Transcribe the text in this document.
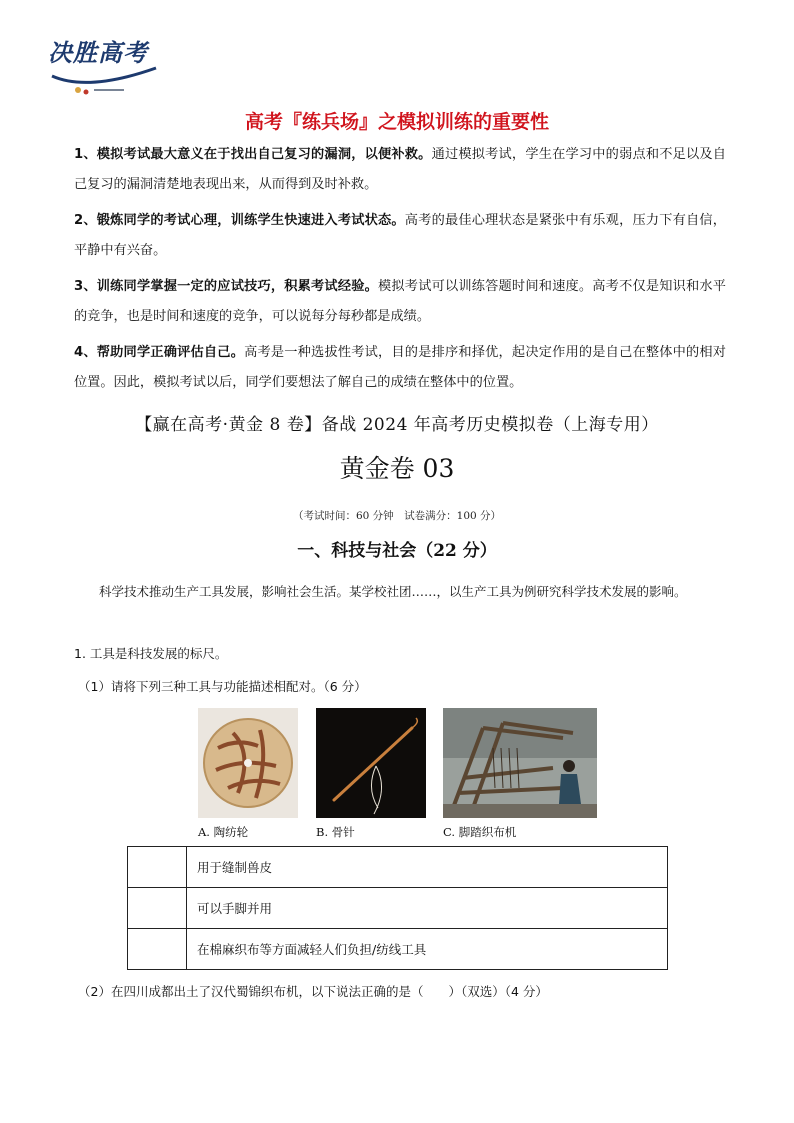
决胜高考
高考『练兵场』之模拟训练的重要性

1、模拟考试最大意义在于找出自己复习的漏洞，以便补救。通过模拟考试，学生在学习中的弱点和不足以及自己复习的漏洞清楚地表现出来，从而得到及时补救。

2、锻炼同学的考试心理，训练学生快速进入考试状态。高考的最佳心理状态是紧张中有乐观，压力下有自信，平静中有兴奋。

3、训练同学掌握一定的应试技巧，积累考试经验。模拟考试可以训练答题时间和速度。高考不仅是知识和水平的竞争，也是时间和速度的竞争，可以说每分每秒都是成绩。

4、帮助同学正确评估自己。高考是一种选拔性考试，目的是排序和择优，起决定作用的是自己在整体中的相对位置。因此，模拟考试以后，同学们要想法了解自己的成绩在整体中的位置。

【赢在高考·黄金 8 卷】备战 2024 年高考历史模拟卷（上海专用）
黄金卷 03
（考试时间：60 分钟　试卷满分：100 分）
一、科技与社会（22 分）
科学技术推动生产工具发展，影响社会生活。某学校社团……，以生产工具为例研究科学技术发展的影响。
1. 工具是科技发展的标尺。
（1）请将下列三种工具与功能描述相配对。（6 分）
A. 陶纺轮	B. 骨针	C. 脚踏织布机
	用于缝制兽皮
	可以手脚并用
	在棉麻织布等方面减轻人们负担/纺线工具
（2）在四川成都出土了汉代蜀锦织布机，以下说法正确的是（　　）（双选）（4 分）
